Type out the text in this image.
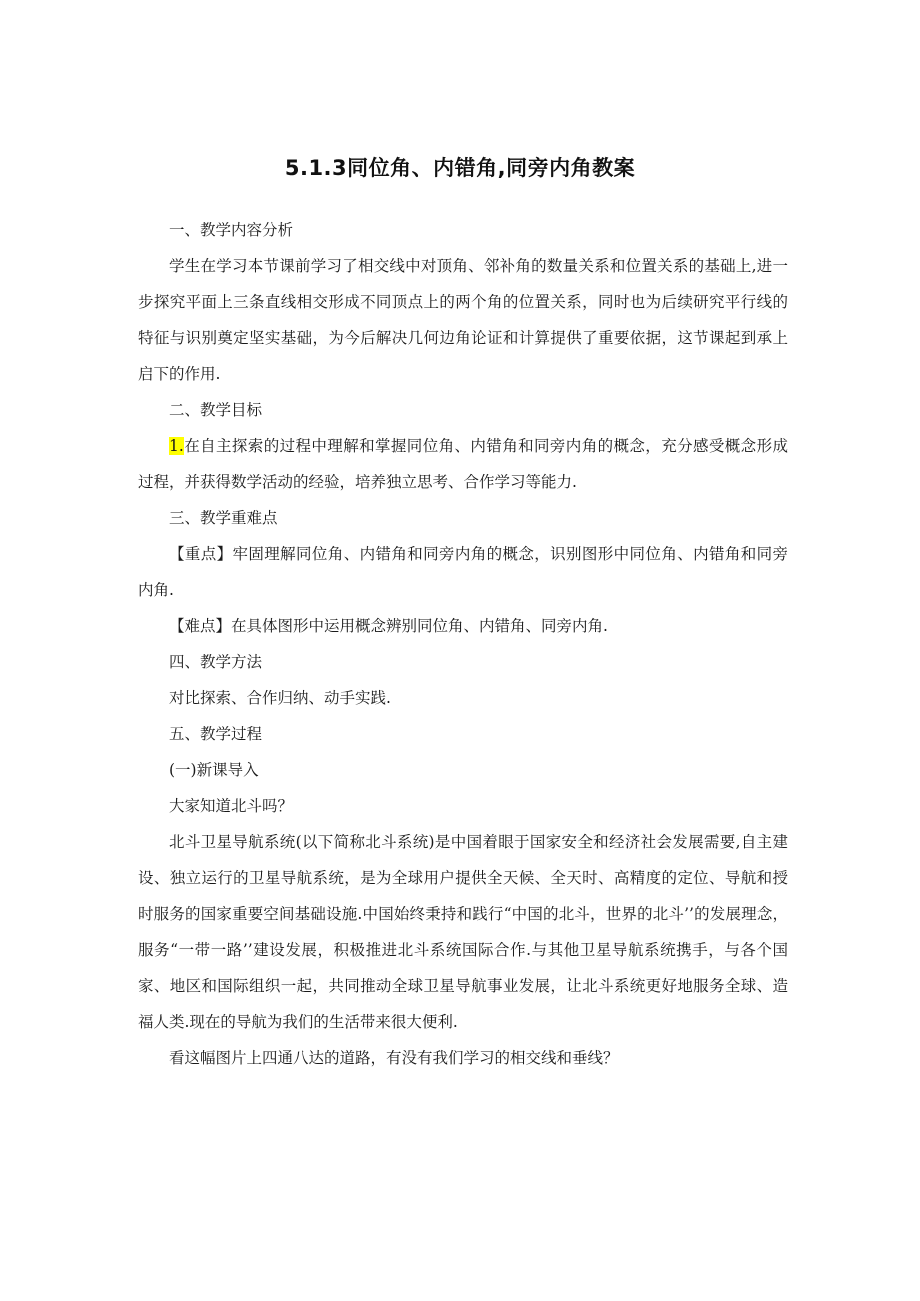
5.1.3同位角、内错角,同旁内角教案

一、教学内容分析

学生在学习本节课前学习了相交线中对顶角、邻补角的数量关系和位置关系的基础上,进一步探究平面上三条直线相交形成不同顶点上的两个角的位置关系，同时也为后续研究平行线的特征与识别奠定坚实基础，为今后解决几何边角论证和计算提供了重要依据，这节课起到承上启下的作用.

二、教学目标

1.在自主探索的过程中理解和掌握同位角、内错角和同旁内角的概念，充分感受概念形成过程，并获得数学活动的经验，培养独立思考、合作学习等能力.

三、教学重难点

【重点】牢固理解同位角、内错角和同旁内角的概念，识别图形中同位角、内错角和同旁内角.

【难点】在具体图形中运用概念辨别同位角、内错角、同旁内角.

四、教学方法

对比探索、合作归纳、动手实践.

五、教学过程

(一)新课导入

大家知道北斗吗？

北斗卫星导航系统(以下简称北斗系统)是中国着眼于国家安全和经济社会发展需要,自主建设、独立运行的卫星导航系统，是为全球用户提供全天候、全天时、高精度的定位、导航和授时服务的国家重要空间基础设施.中国始终秉持和践行“中国的北斗，世界的北斗’’的发展理念，服务“一带一路’’建设发展，积极推进北斗系统国际合作.与其他卫星导航系统携手，与各个国家、地区和国际组织一起，共同推动全球卫星导航事业发展，让北斗系统更好地服务全球、造福人类.现在的导航为我们的生活带来很大便利.

看这幅图片上四通八达的道路，有没有我们学习的相交线和垂线？
